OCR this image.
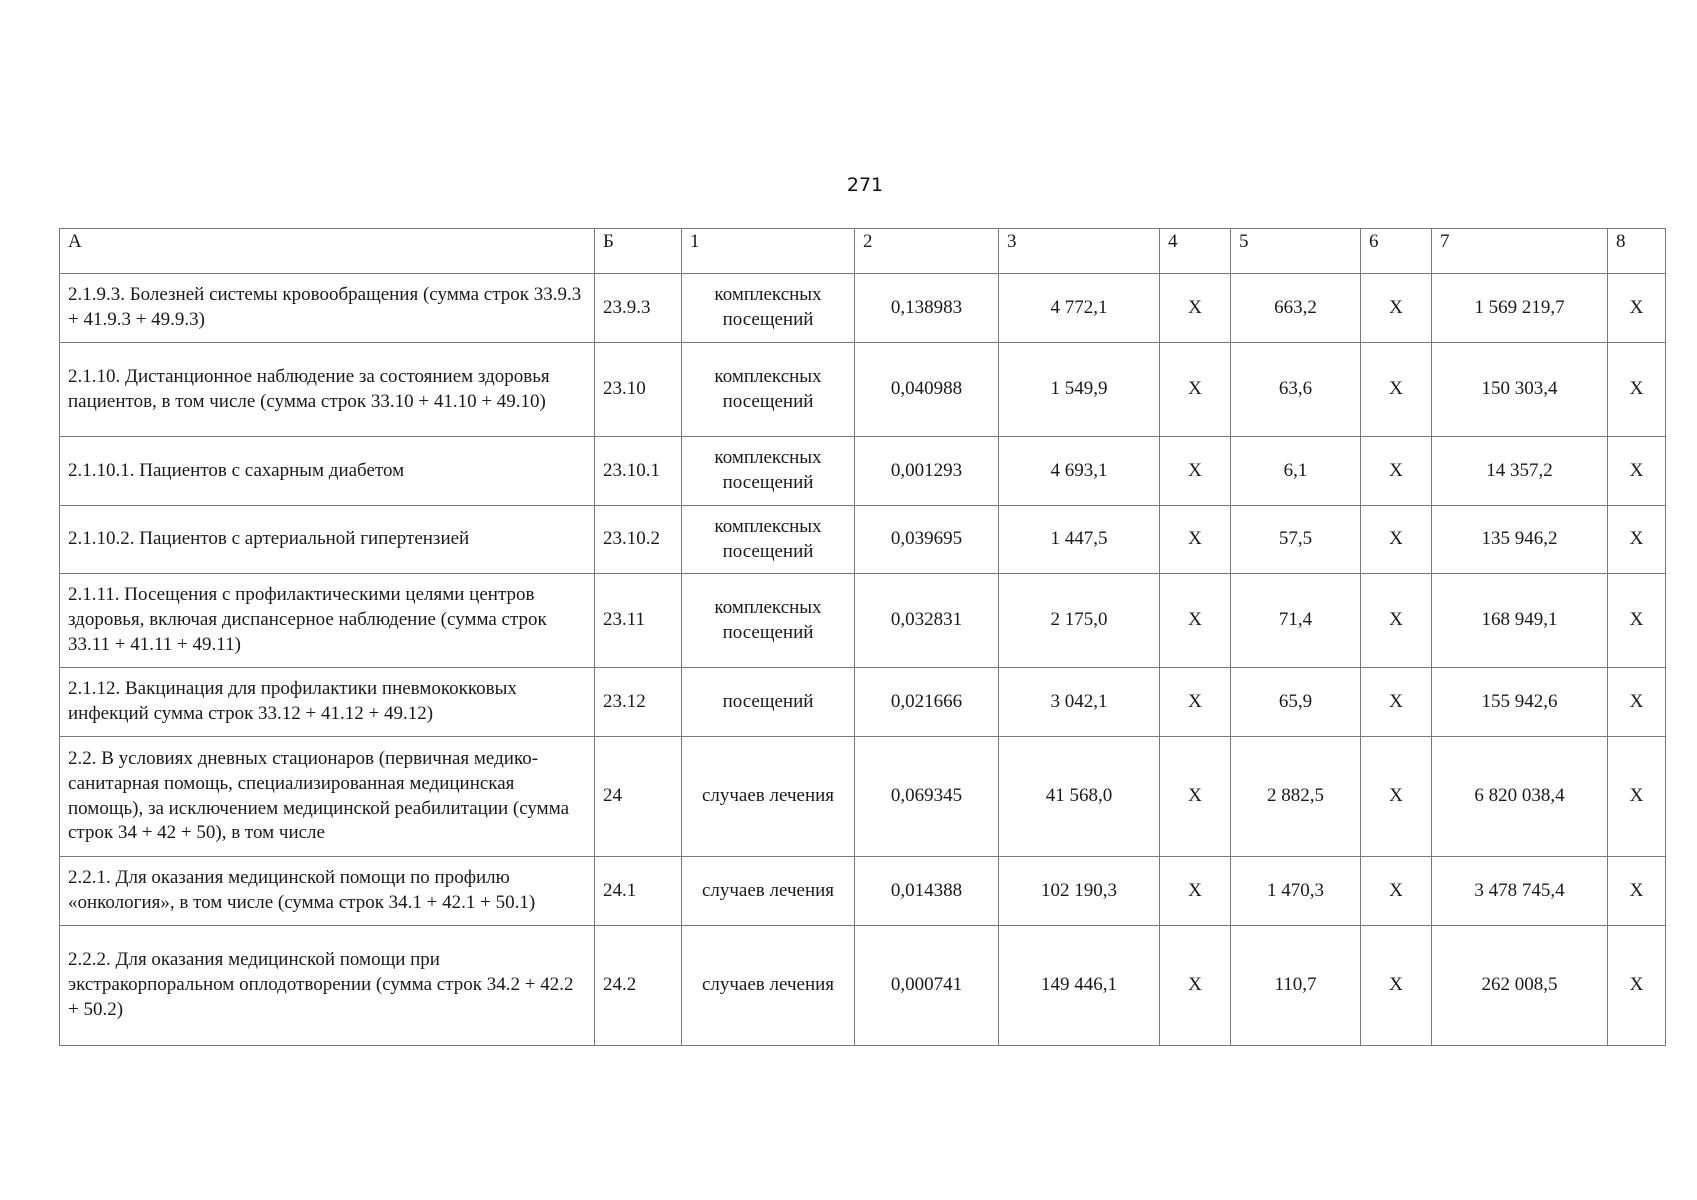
271
А	Б	1	2	3	4	5	6	7	8
2.1.9.3. Болезней системы кровообращения (сумма строк 33.9.3 + 41.9.3 + 49.9.3)	23.9.3	комплексных посещений	0,138983	4 772,1	Х	663,2	Х	1 569 219,7	Х
2.1.10. Дистанционное наблюдение за состоянием здоровья пациентов, в том числе (сумма строк 33.10 + 41.10 + 49.10)	23.10	комплексных посещений	0,040988	1 549,9	Х	63,6	Х	150 303,4	Х
2.1.10.1. Пациентов с сахарным диабетом	23.10.1	комплексных посещений	0,001293	4 693,1	Х	6,1	Х	14 357,2	Х
2.1.10.2. Пациентов с артериальной гипертензией	23.10.2	комплексных посещений	0,039695	1 447,5	Х	57,5	Х	135 946,2	Х
2.1.11. Посещения с профилактическими целями центров здоровья, включая диспансерное наблюдение (сумма строк 33.11 + 41.11 + 49.11)	23.11	комплексных посещений	0,032831	2 175,0	Х	71,4	Х	168 949,1	Х
2.1.12. Вакцинация для профилактики пневмококковых инфекций сумма строк 33.12 + 41.12 + 49.12)	23.12	посещений	0,021666	3 042,1	Х	65,9	Х	155 942,6	Х
2.2. В условиях дневных стационаров (первичная медико-санитарная помощь, специализированная медицинская помощь), за исключением медицинской реабилитации (сумма строк 34 + 42 + 50), в том числе	24	случаев лечения	0,069345	41 568,0	Х	2 882,5	Х	6 820 038,4	Х
2.2.1. Для оказания медицинской помощи по профилю «онкология», в том числе (сумма строк 34.1 + 42.1 + 50.1)	24.1	случаев лечения	0,014388	102 190,3	Х	1 470,3	Х	3 478 745,4	Х
2.2.2. Для оказания медицинской помощи при экстракорпоральном оплодотворении (сумма строк 34.2 + 42.2 + 50.2)	24.2	случаев лечения	0,000741	149 446,1	Х	110,7	Х	262 008,5	Х
